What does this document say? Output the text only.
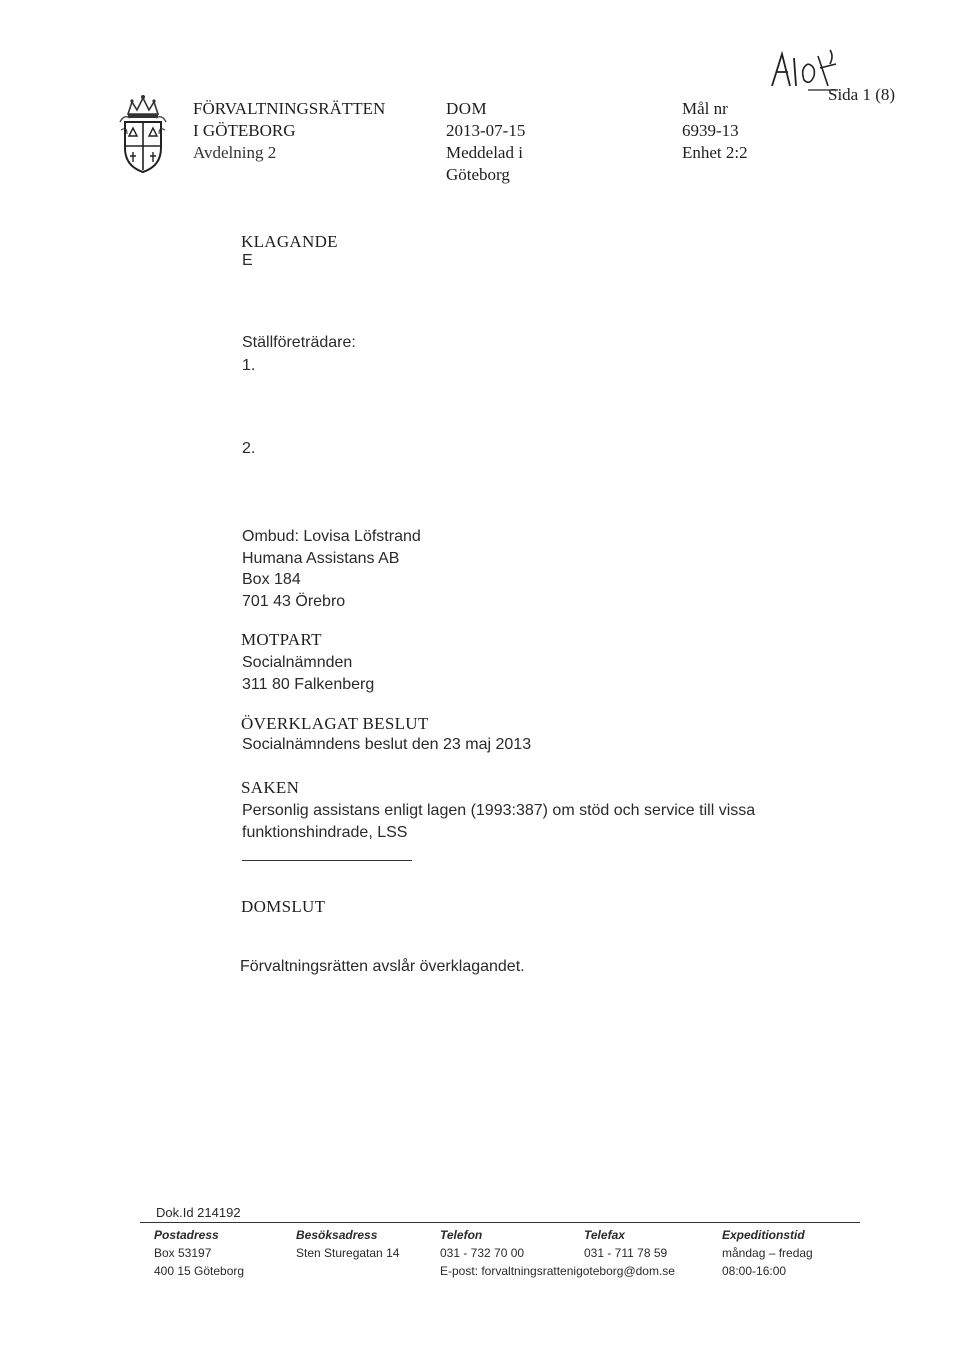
FÖRVALTNINGSRÄTTEN
I GÖTEBORG
Avdelning 2
DOM
2013-07-15
Meddelad i
Göteborg
Mål nr
6939-13
Enhet 2:2
Sida 1 (8)
KLAGANDE
E
Ställföreträdare:
1.
2.
Ombud: Lovisa Löfstrand
Humana Assistans AB
Box 184
701 43 Örebro
MOTPART
Socialnämnden
311 80 Falkenberg
ÖVERKLAGAT BESLUT
Socialnämndens beslut den 23 maj 2013
SAKEN
Personlig assistans enligt lagen (1993:387) om stöd och service till vissa
funktionshindrade, LSS
DOMSLUT
Förvaltningsrätten avslår överklagandet.
Dok.Id 214192
Postadress
Box 53197
400 15 Göteborg
Besöksadress
Sten Sturegatan 14
Telefon
031 - 732 70 00
E-post: forvaltningsrattenigoteborg@dom.se
Telefax
031 - 711 78 59
Expeditionstid
måndag – fredag
08:00-16:00
